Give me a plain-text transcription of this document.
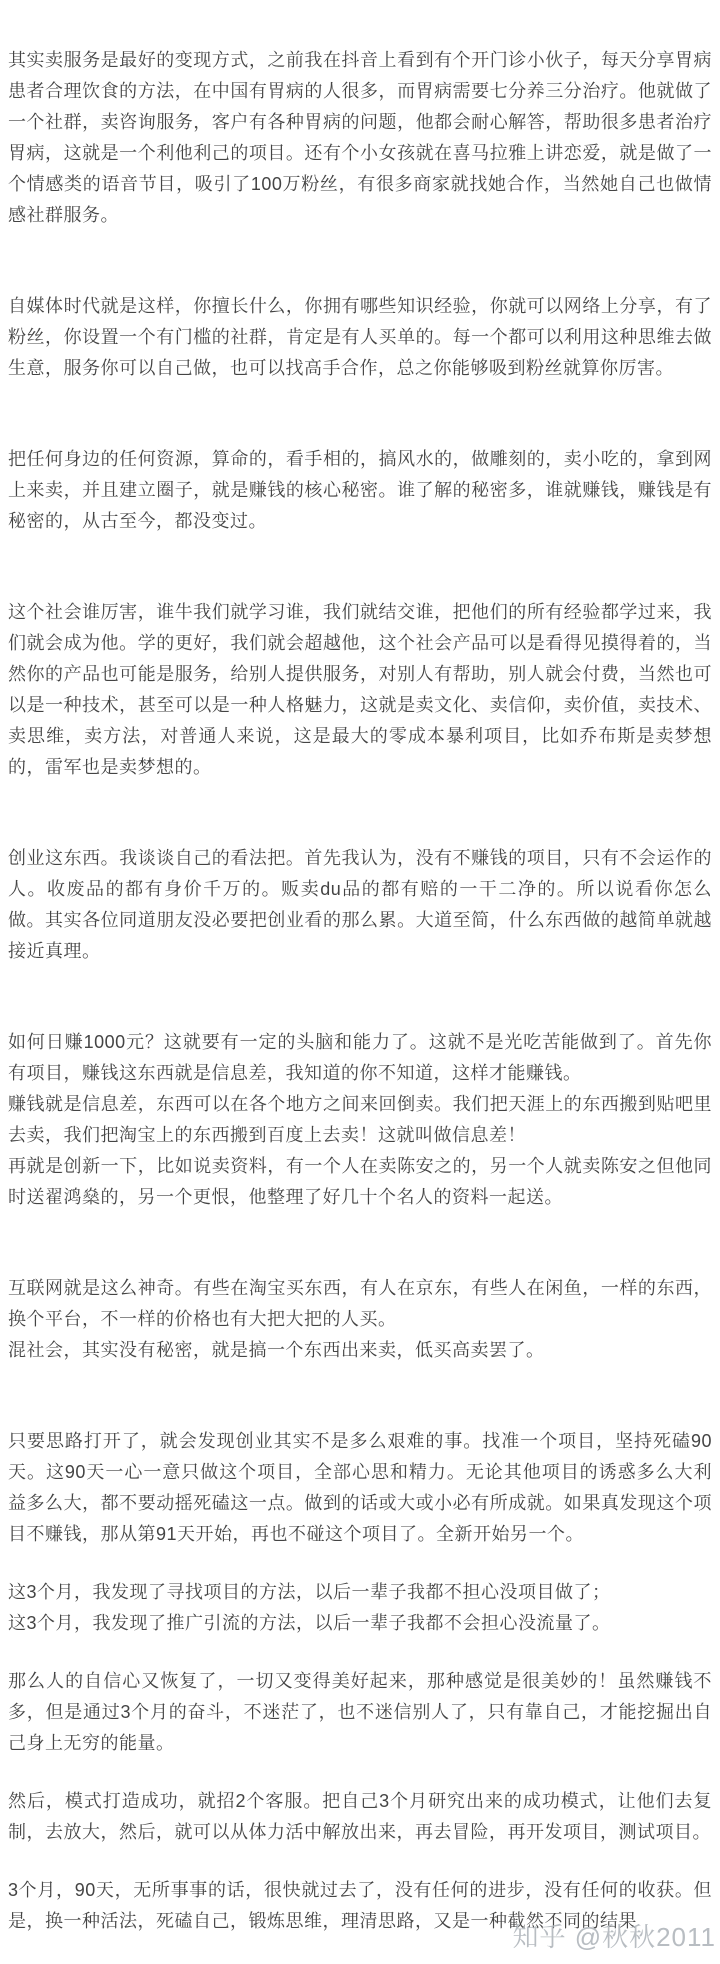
其实卖服务是最好的变现方式，之前我在抖音上看到有个开门诊小伙子，每天分享胃病患者合理饮食的方法，在中国有胃病的人很多，而胃病需要七分养三分治疗。他就做了一个社群，卖咨询服务，客户有各种胃病的问题，他都会耐心解答，帮助很多患者治疗胃病，这就是一个利他利己的项目。还有个小女孩就在喜马拉雅上讲恋爱，就是做了一个情感类的语音节目，吸引了100万粉丝，有很多商家就找她合作，当然她自己也做情感社群服务。

自媒体时代就是这样，你擅长什么，你拥有哪些知识经验，你就可以网络上分享，有了粉丝，你设置一个有门槛的社群，肯定是有人买单的。每一个都可以利用这种思维去做生意，服务你可以自己做，也可以找高手合作，总之你能够吸到粉丝就算你厉害。

把任何身边的任何资源，算命的，看手相的，搞风水的，做雕刻的，卖小吃的，拿到网上来卖，并且建立圈子，就是赚钱的核心秘密。谁了解的秘密多，谁就赚钱，赚钱是有秘密的，从古至今，都没变过。

这个社会谁厉害，谁牛我们就学习谁，我们就结交谁，把他们的所有经验都学过来，我们就会成为他。学的更好，我们就会超越他，这个社会产品可以是看得见摸得着的，当然你的产品也可能是服务，给别人提供服务，对别人有帮助，别人就会付费，当然也可以是一种技术，甚至可以是一种人格魅力，这就是卖文化、卖信仰，卖价值，卖技术、卖思维，卖方法，对普通人来说，这是最大的零成本暴利项目，比如乔布斯是卖梦想的，雷军也是卖梦想的。

创业这东西。我谈谈自己的看法把。首先我认为，没有不赚钱的项目，只有不会运作的人。收废品的都有身价千万的。贩卖du品的都有赔的一干二净的。所以说看你怎么做。其实各位同道朋友没必要把创业看的那么累。大道至简，什么东西做的越简单就越接近真理。

如何日赚1000元？这就要有一定的头脑和能力了。这就不是光吃苦能做到了。首先你有项目，赚钱这东西就是信息差，我知道的你不知道，这样才能赚钱。

赚钱就是信息差，东西可以在各个地方之间来回倒卖。我们把天涯上的东西搬到贴吧里去卖，我们把淘宝上的东西搬到百度上去卖！这就叫做信息差！

再就是创新一下，比如说卖资料，有一个人在卖陈安之的，另一个人就卖陈安之但他同时送翟鸿燊的，另一个更恨，他整理了好几十个名人的资料一起送。

互联网就是这么神奇。有些在淘宝买东西，有人在京东，有些人在闲鱼，一样的东西，换个平台，不一样的价格也有大把大把的人买。

混社会，其实没有秘密，就是搞一个东西出来卖，低买高卖罢了。

只要思路打开了，就会发现创业其实不是多么艰难的事。找准一个项目，坚持死磕90天。这90天一心一意只做这个项目，全部心思和精力。无论其他项目的诱惑多么大利益多么大，都不要动摇死磕这一点。做到的话或大或小必有所成就。如果真发现这个项目不赚钱，那从第91天开始，再也不碰这个项目了。全新开始另一个。

这3个月，我发现了寻找项目的方法，以后一辈子我都不担心没项目做了；

这3个月，我发现了推广引流的方法，以后一辈子我都不会担心没流量了。

那么人的自信心又恢复了，一切又变得美好起来，那种感觉是很美妙的！虽然赚钱不多，但是通过3个月的奋斗，不迷茫了，也不迷信别人了，只有靠自己，才能挖掘出自己身上无穷的能量。

然后，模式打造成功，就招2个客服。把自己3个月研究出来的成功模式，让他们去复制，去放大，然后，就可以从体力活中解放出来，再去冒险，再开发项目，测试项目。

3个月，90天，无所事事的话，很快就过去了，没有任何的进步，没有任何的收获。但是，换一种活法，死磕自己，锻炼思维，理清思路，又是一种截然不同的结果

知乎 @秋秋2011
